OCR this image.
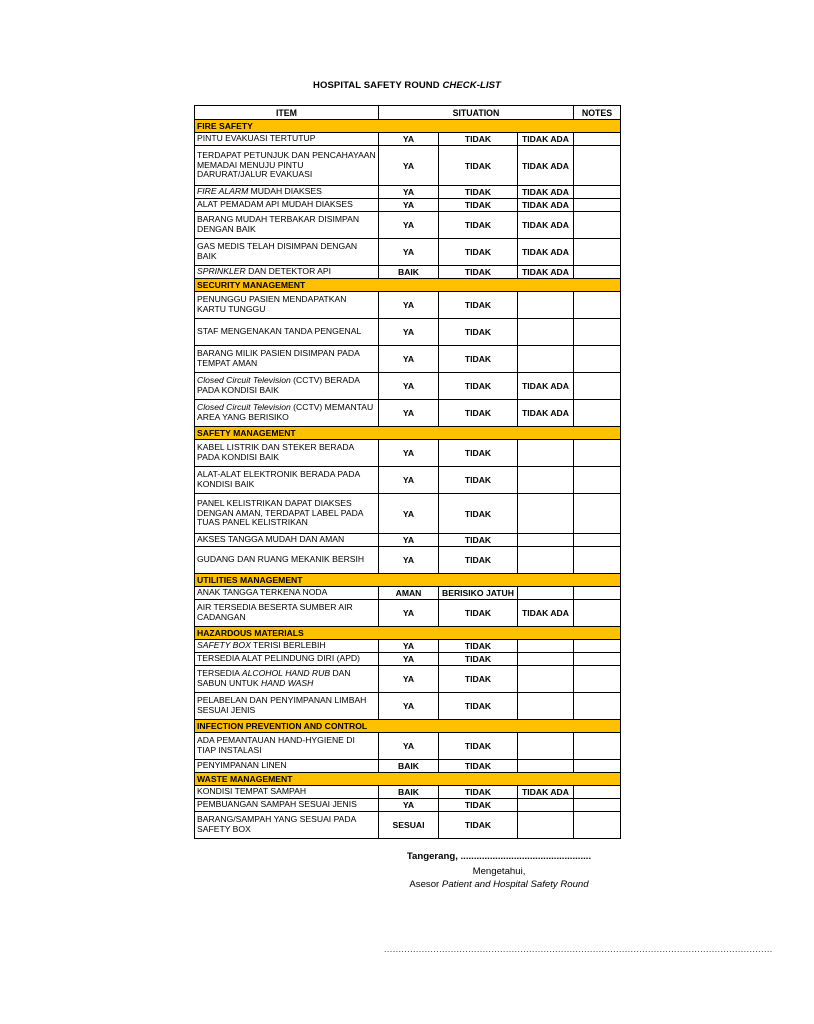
HOSPITAL SAFETY ROUND CHECK-LIST
ITEM	SITUATION			NOTES
FIRE SAFETY				
PINTU EVAKUASI TERTUTUP	YA	TIDAK	TIDAK ADA	
TERDAPAT PETUNJUK DAN PENCAHAYAAN MEMADAI MENUJU PINTU DARURAT/JALUR EVAKUASI	YA	TIDAK	TIDAK ADA	
FIRE ALARM MUDAH DIAKSES	YA	TIDAK	TIDAK ADA	
ALAT PEMADAM API MUDAH DIAKSES	YA	TIDAK	TIDAK ADA	
BARANG MUDAH TERBAKAR DISIMPAN DENGAN BAIK	YA	TIDAK	TIDAK ADA	
GAS MEDIS TELAH DISIMPAN DENGAN BAIK	YA	TIDAK	TIDAK ADA	
SPRINKLER DAN DETEKTOR API	BAIK	TIDAK	TIDAK ADA	
SECURITY MANAGEMENT				
PENUNGGU PASIEN MENDAPATKAN KARTU TUNGGU	YA	TIDAK		
STAF MENGENAKAN TANDA PENGENAL	YA	TIDAK		
BARANG MILIK PASIEN DISIMPAN PADA TEMPAT AMAN	YA	TIDAK		
Closed Circuit Television (CCTV) BERADA PADA KONDISI BAIK	YA	TIDAK	TIDAK ADA	
Closed Circuit Television (CCTV) MEMANTAU AREA YANG BERISIKO	YA	TIDAK	TIDAK ADA	
SAFETY MANAGEMENT				
KABEL LISTRIK DAN STEKER BERADA PADA KONDISI BAIK	YA	TIDAK		
ALAT-ALAT ELEKTRONIK BERADA PADA KONDISI BAIK	YA	TIDAK		
PANEL KELISTRIKAN DAPAT DIAKSES DENGAN AMAN, TERDAPAT LABEL PADA TUAS PANEL KELISTRIKAN	YA	TIDAK		
AKSES TANGGA MUDAH DAN AMAN	YA	TIDAK		
GUDANG DAN RUANG MEKANIK BERSIH	YA	TIDAK		
UTILITIES MANAGEMENT				
ANAK TANGGA TERKENA NODA	AMAN	BERISIKO JATUH		
AIR TERSEDIA BESERTA SUMBER AIR CADANGAN	YA	TIDAK	TIDAK ADA	
HAZARDOUS MATERIALS				
SAFETY BOX TERISI BERLEBIH	YA	TIDAK		
TERSEDIA ALAT PELINDUNG DIRI (APD)	YA	TIDAK		
TERSEDIA ALCOHOL HAND RUB DAN SABUN UNTUK HAND WASH	YA	TIDAK		
PELABELAN DAN PENYIMPANAN LIMBAH SESUAI JENIS	YA	TIDAK		
INFECTION PREVENTION AND CONTROL				
ADA PEMANTAUAN HAND-HYGIENE DI TIAP INSTALASI	YA	TIDAK		
PENYIMPANAN LINEN	BAIK	TIDAK		
WASTE MANAGEMENT				
KONDISI TEMPAT SAMPAH	BAIK	TIDAK	TIDAK ADA	
PEMBUANGAN SAMPAH SESUAI JENIS	YA	TIDAK		
BARANG/SAMPAH YANG SESUAI PADA SAFETY BOX	SESUAI	TIDAK		
Tangerang, .................................................
Mengetahui,
Asesor Patient and Hospital Safety Round
......................................................................................................................................
